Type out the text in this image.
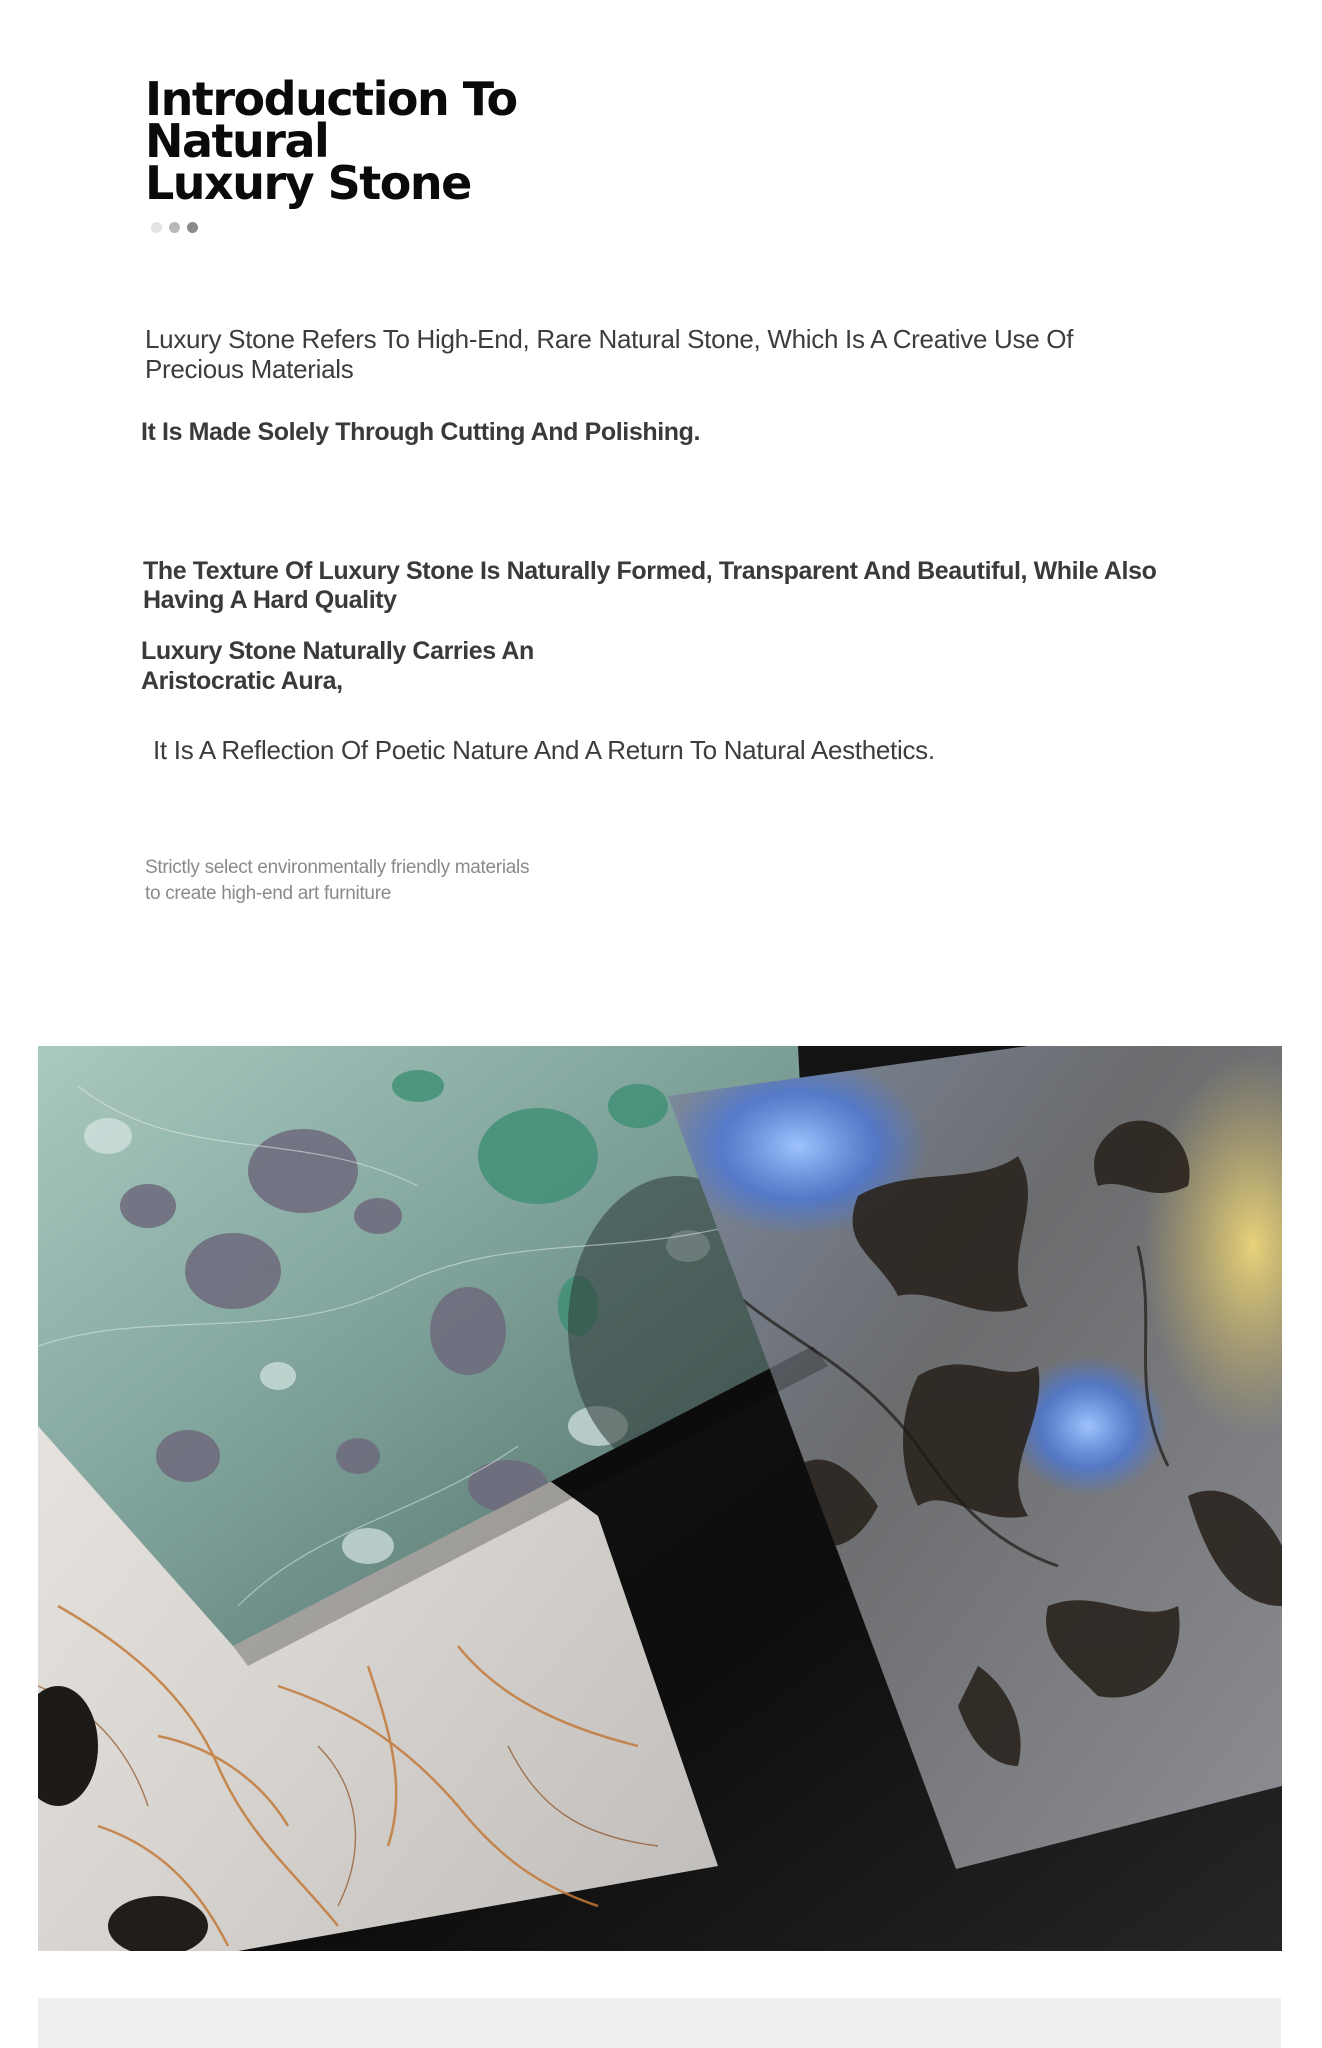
Introduction To Natural
Luxury Stone
Luxury Stone Refers To High-End, Rare Natural Stone, Which Is A Creative Use Of Precious Materials
It Is Made Solely Through Cutting And Polishing.
The Texture Of Luxury Stone Is Naturally Formed, Transparent And Beautiful, While Also Having A Hard Quality
Luxury Stone Naturally Carries An Aristocratic Aura,
It Is A Reflection Of Poetic Nature And A Return To Natural Aesthetics.
Strictly select environmentally friendly materials
to create high-end art furniture
